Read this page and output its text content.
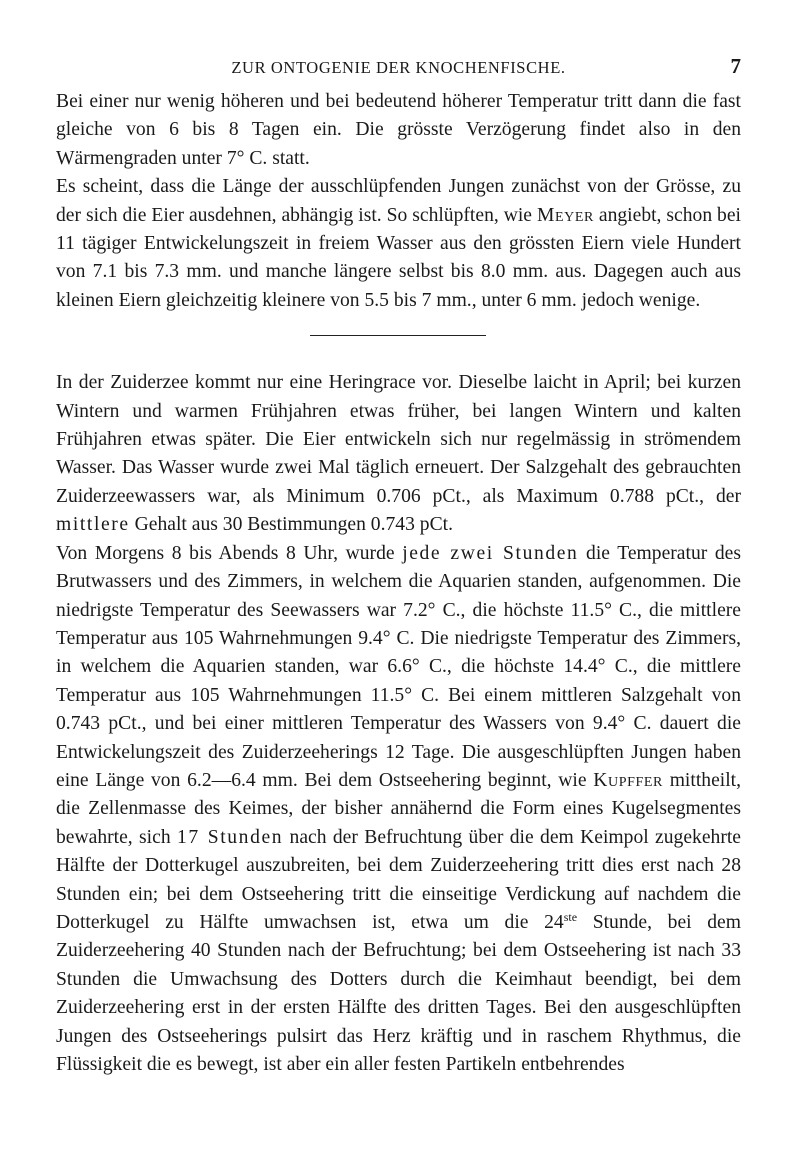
ZUR ONTOGENIE DER KNOCHENFISCHE.	7

Bei einer nur wenig höheren und bei bedeutend höherer Temperatur tritt dann die fast gleiche von 6 bis 8 Tagen ein. Die grösste Verzögerung findet also in den Wärmengraden unter 7° C. statt.

Es scheint, dass die Länge der ausschlüpfenden Jungen zunächst von der Grösse, zu der sich die Eier ausdehnen, abhängig ist. So schlüpften, wie Meyer angiebt, schon bei 11 tägiger Entwickelungszeit in freiem Wasser aus den grössten Eiern viele Hundert von 7.1 bis 7.3 mm. und manche längere selbst bis 8.0 mm. aus. Dagegen auch aus kleinen Eiern gleichzeitig kleinere von 5.5 bis 7 mm., unter 6 mm. jedoch wenige.

In der Zuiderzee kommt nur eine Heringrace vor. Dieselbe laicht in April; bei kurzen Wintern und warmen Frühjahren etwas früher, bei langen Wintern und kalten Frühjahren etwas später. Die Eier entwickeln sich nur regelmässig in strömendem Wasser. Das Wasser wurde zwei Mal täglich erneuert. Der Salzgehalt des gebrauchten Zuiderzeewassers war, als Minimum 0.706 pCt., als Maximum 0.788 pCt., der mittlere Gehalt aus 30 Bestimmungen 0.743 pCt.

Von Morgens 8 bis Abends 8 Uhr, wurde jede zwei Stunden die Temperatur des Brutwassers und des Zimmers, in welchem die Aquarien standen, aufgenommen. Die niedrigste Temperatur des Seewassers war 7.2° C., die höchste 11.5° C., die mittlere Temperatur aus 105 Wahrnehmungen 9.4° C. Die niedrigste Temperatur des Zimmers, in welchem die Aquarien standen, war 6.6° C., die höchste 14.4° C., die mittlere Temperatur aus 105 Wahrnehmungen 11.5° C. Bei einem mittleren Salzgehalt von 0.743 pCt., und bei einer mittleren Temperatur des Wassers von 9.4° C. dauert die Entwickelungszeit des Zuiderzeeherings 12 Tage. Die ausgeschlüpften Jungen haben eine Länge von 6.2—6.4 mm. Bei dem Ostseehering beginnt, wie Kupffer mittheilt, die Zellenmasse des Keimes, der bisher annähernd die Form eines Kugelsegmentes bewahrte, sich 17 Stunden nach der Befruchtung über die dem Keimpol zugekehrte Hälfte der Dotterkugel auszubreiten, bei dem Zuiderzeehering tritt dies erst nach 28 Stunden ein; bei dem Ostseehering tritt die einseitige Verdickung auf nachdem die Dotterkugel zu Hälfte umwachsen ist, etwa um die 24ste Stunde, bei dem Zuiderzeehering 40 Stunden nach der Befruchtung; bei dem Ostseehering ist nach 33 Stunden die Umwachsung des Dotters durch die Keimhaut beendigt, bei dem Zuiderzeehering erst in der ersten Hälfte des dritten Tages. Bei den ausgeschlüpften Jungen des Ostseeherings pulsirt das Herz kräftig und in raschem Rhythmus, die Flüssigkeit die es bewegt, ist aber ein aller festen Partikeln entbehrendes
